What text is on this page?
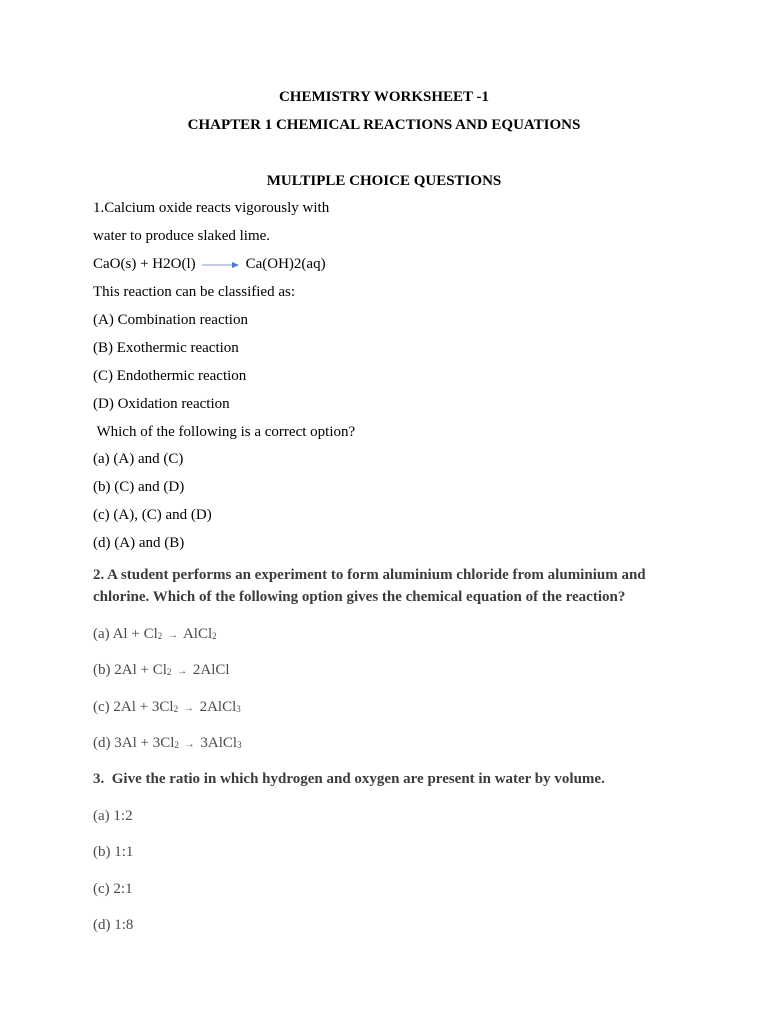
CHEMISTRY WORKSHEET -1
CHAPTER 1 CHEMICAL REACTIONS AND EQUATIONS
MULTIPLE CHOICE QUESTIONS
1.Calcium oxide reacts vigorously with
water to produce slaked lime.
CaO(s) + H2O(l)	Ca(OH)2(aq)
This reaction can be classified as:
(A) Combination reaction
(B) Exothermic reaction
(C) Endothermic reaction
(D) Oxidation reaction
Which of the following is a correct option?
(a) (A) and (C)
(b) (C) and (D)
(c) (A), (C) and (D)
(d) (A) and (B)
2. A student performs an experiment to form aluminium chloride from aluminium and chlorine. Which of the following option gives the chemical equation of the reaction?
(a) $Al + Cl_2$ → AlCl$_2$
(b) $2Al + Cl_2$ → 2AlCl
(c) $2Al + 3Cl_2$ → 2AlCl$_3$
(d) $3Al + 3Cl_2$ → 3AlCl$_3$
3.  Give the ratio in which hydrogen and oxygen are present in water by volume.
(a) 1:2
(b) 1:1
(c) 2:1
(d) 1:8
